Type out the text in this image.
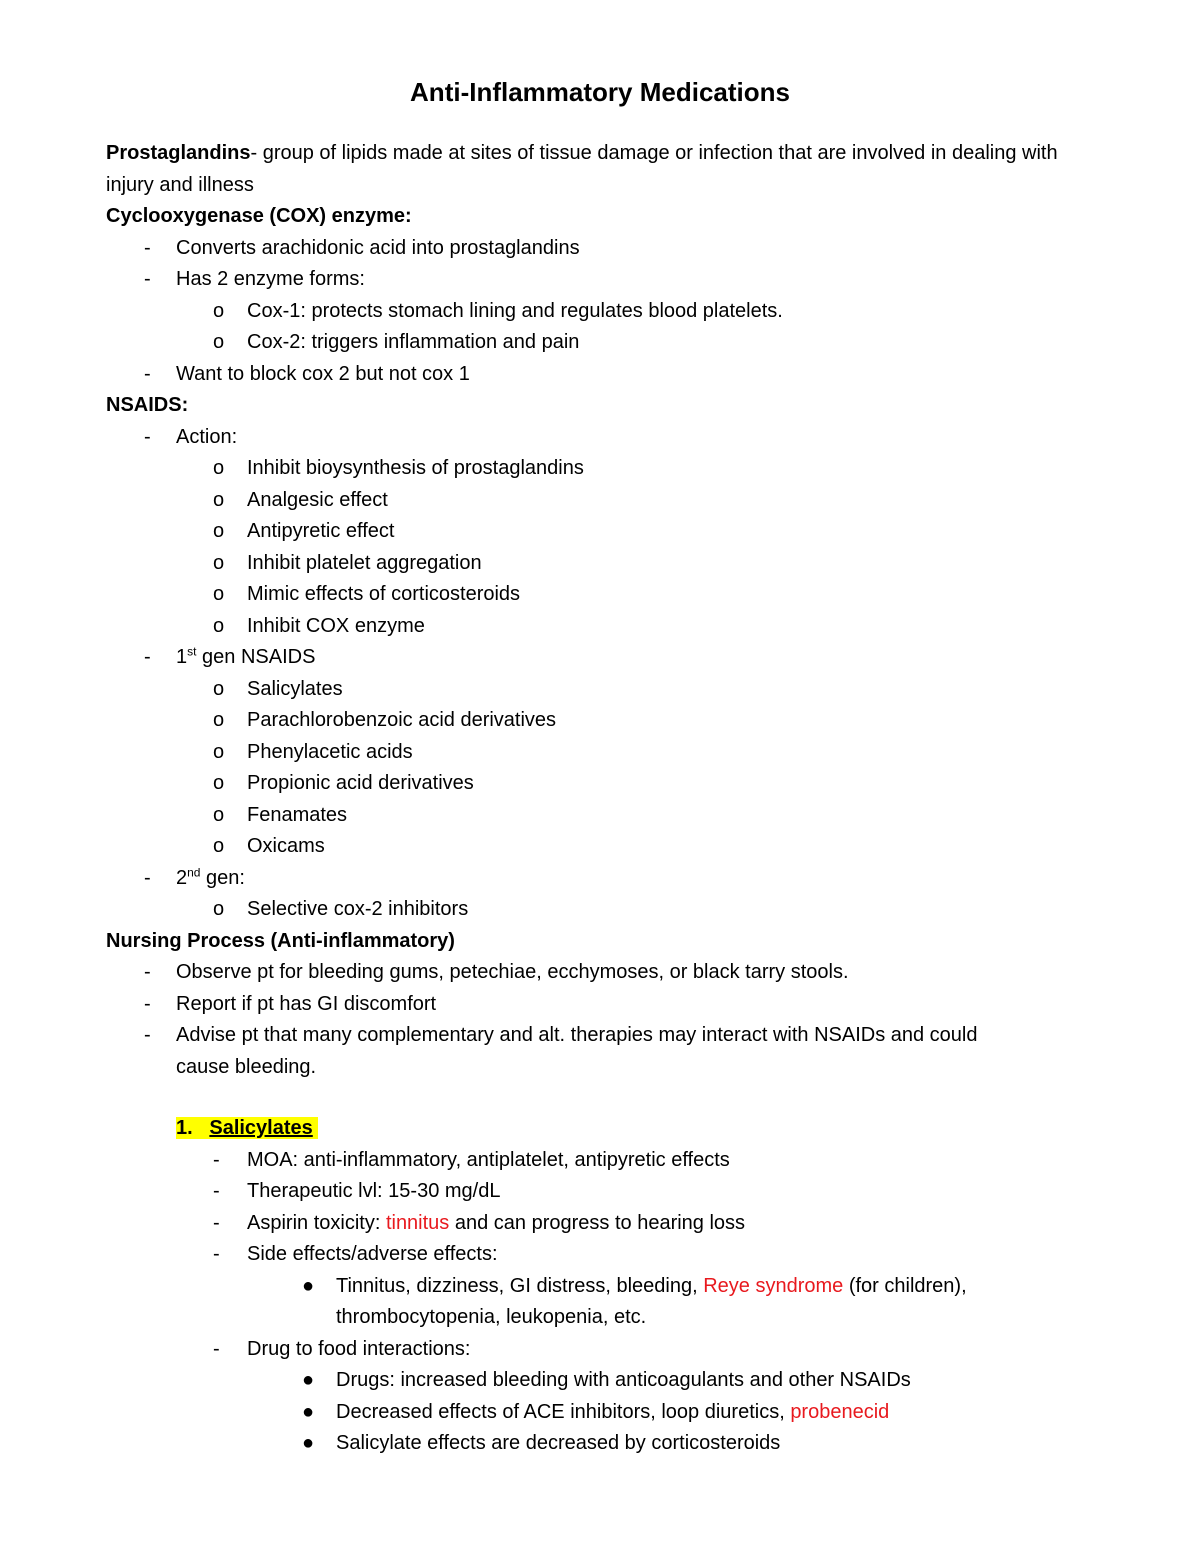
Anti-Inflammatory Medications
Prostaglandins- group of lipids made at sites of tissue damage or infection that are involved in dealing with injury and illness
Cyclooxygenase (COX) enzyme:
- Converts arachidonic acid into prostaglandins
- Has 2 enzyme forms:
o Cox-1: protects stomach lining and regulates blood platelets.
o Cox-2: triggers inflammation and pain
- Want to block cox 2 but not cox 1
NSAIDS:
- Action:
o Inhibit bioysynthesis of prostaglandins
o Analgesic effect
o Antipyretic effect
o Inhibit platelet aggregation
o Mimic effects of corticosteroids
o Inhibit COX enzyme
- 1st gen NSAIDS
o Salicylates
o Parachlorobenzoic acid derivatives
o Phenylacetic acids
o Propionic acid derivatives
o Fenamates
o Oxicams
- 2nd gen:
o Selective cox-2 inhibitors
Nursing Process (Anti-inflammatory)
- Observe pt for bleeding gums, petechiae, ecchymoses, or black tarry stools.
- Report if pt has GI discomfort
- Advise pt that many complementary and alt. therapies may interact with NSAIDs and could
cause bleeding.
1. Salicylates
- MOA: anti-inflammatory, antiplatelet, antipyretic effects
- Therapeutic lvl: 15-30 mg/dL
- Aspirin toxicity: tinnitus and can progress to hearing loss
- Side effects/adverse effects:
● Tinnitus, dizziness, GI distress, bleeding, Reye syndrome (for children),
thrombocytopenia, leukopenia, etc.
- Drug to food interactions:
● Drugs: increased bleeding with anticoagulants and other NSAIDs
● Decreased effects of ACE inhibitors, loop diuretics, probenecid
● Salicylate effects are decreased by corticosteroids
